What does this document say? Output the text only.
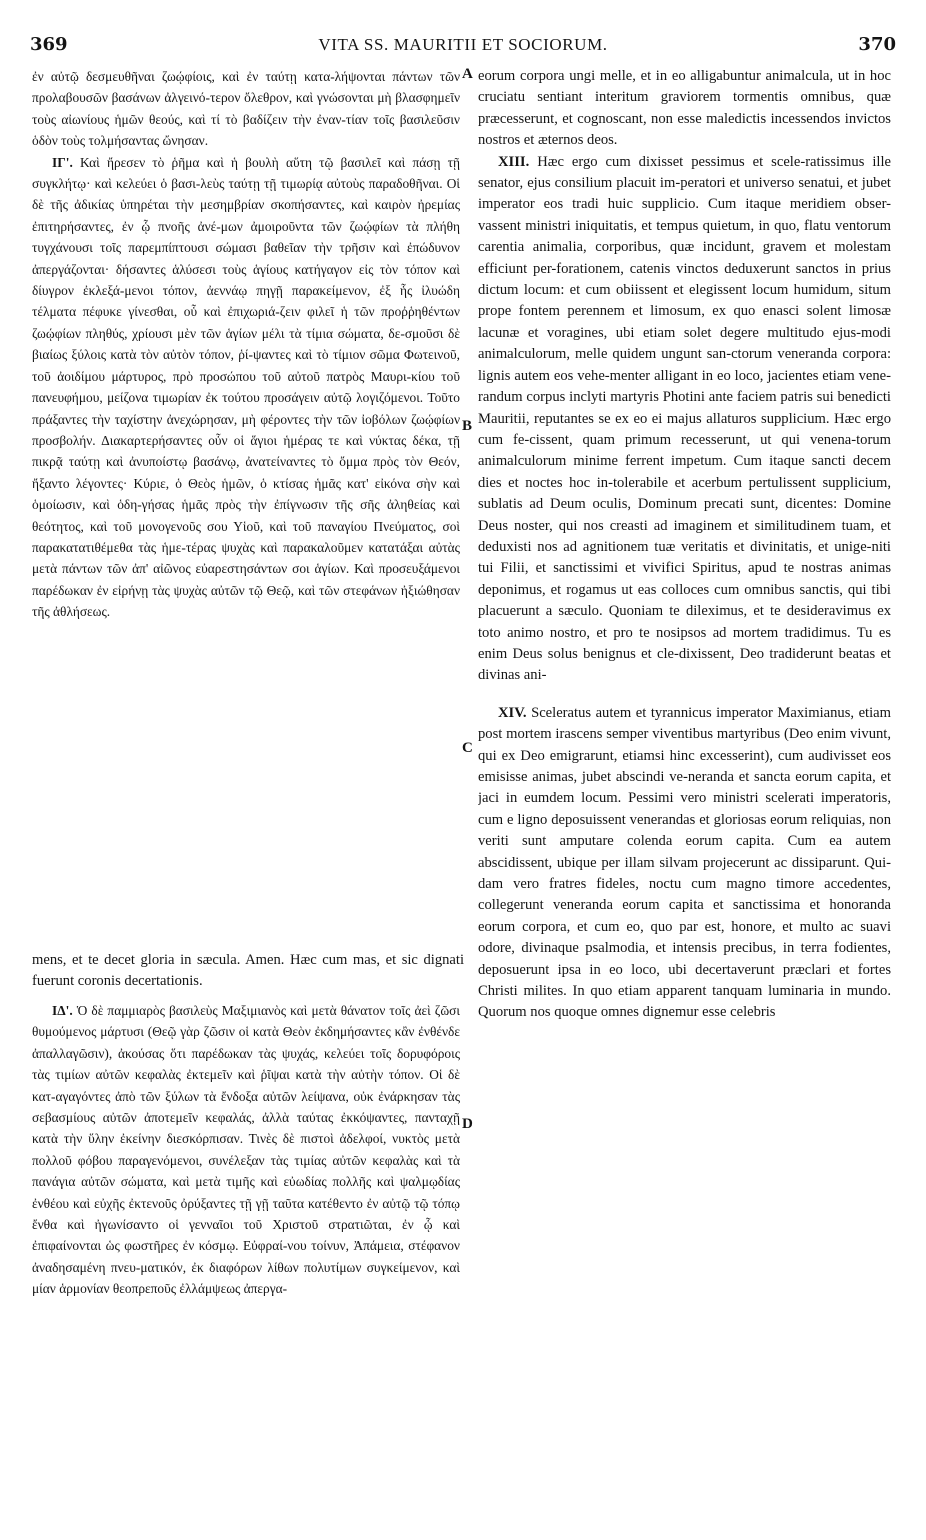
369	VITA SS. MAURITII ET SOCIORUM.	370

ἐν αὐτῷ δεσμευθῆναι ζωῴφίοις, καὶ ἐν ταύτῃ κατα-λήψονται πάντων τῶν προλαβουσῶν βασάνων ἀλγεινό-τερον ὄλεθρον, καὶ γνώσονται μὴ βλασφημεῖν τοὺς αἰωνίους ἡμῶν θεούς, καὶ τί τὸ βαδίζειν τὴν ἐναν-τίαν τοῖς βασιλεῦσιν ὁδὸν τοὺς τολμήσαντας ὤνησαν.

ΙΓ'. Καὶ ἤρεσεν τὸ ῥῆμα καὶ ἡ βουλὴ αὕτη τῷ βασιλεῖ καὶ πάσῃ τῇ συγκλήτῳ· καὶ κελεύει ὁ βασι-λεὺς ταύτῃ τῇ τιμωρίᾳ αὐτοὺς παραδοθῆναι. Οἱ δὲ τῆς ἀδικίας ὑπηρέται τὴν μεσημβρίαν σκοπήσαντες, καὶ καιρὸν ἠρεμίας ἐπιτηρήσαντες, ἐν ᾧ πνοῆς ἀνέ-μων ἀμοιροῦντα τῶν ζωῴφίων τὰ πλήθη τυγχάνουσι τοῖς παρεμπίπτουσι σώμασι βαθεῖαν τὴν τρῆσιν καὶ ἐπώδυνον ἀπεργάζονται· δήσαντες ἁλύσεσι τοὺς ἁγίους κατήγαγον εἰς τὸν τόπον καὶ δίυγρον ἐκλεξά-μενοι τόπον, ἀεννάῳ πηγῇ παρακείμενον, ἐξ ἧς ἰλυώδη τέλματα πέφυκε γίνεσθαι, οὗ καὶ ἐπιχωριά-ζειν φιλεῖ ἡ τῶν προῤῥηθέντων ζωῴφίων πληθύς, χρίουσι μὲν τῶν ἁγίων μέλι τὰ τίμια σώματα, δε-σμοῦσι δὲ βιαίως ξύλοις κατὰ τὸν αὐτὸν τόπον, ῥί-ψαντες καὶ τὸ τίμιον σῶμα Φωτεινοῦ, τοῦ ἀοιδίμου μάρτυρος, πρὸ προσώπου τοῦ αὐτοῦ πατρὸς Μαυρι-κίου τοῦ πανευφήμου, μείζονα τιμωρίαν ἐκ τούτου προσάγειν αὐτῷ λογιζόμενοι. Τοῦτο πράξαντες τὴν ταχίστην ἀνεχώρησαν, μὴ φέροντες τὴν τῶν ἰοβόλων ζωῴφίων προσβολήν. Διακαρτερήσαντες οὖν οἱ ἅγιοι ἡμέρας τε καὶ νύκτας δέκα, τῇ πικρᾷ ταύτῃ καὶ ἀνυποίστῳ βασάνῳ, ἀνατείναντες τὸ ὄμμα πρὸς τὸν Θεόν, ἤξαντο λέγοντες· Κύριε, ὁ Θεὸς ἡμῶν, ὁ κτίσας ἡμᾶς κατ' εἰκόνα σὴν καὶ ὁμοίωσιν, καὶ ὁδη-γήσας ἡμᾶς πρὸς τὴν ἐπίγνωσιν τῆς σῆς ἀληθείας καὶ θεότητος, καὶ τοῦ μονογενοῦς σου Υἱοῦ, καὶ τοῦ παναγίου Πνεύματος, σοὶ παρακατατιθέμεθα τὰς ἡμε-τέρας ψυχὰς καὶ παρακαλοῦμεν κατατάξαι αὐτὰς μετὰ πάντων τῶν ἀπ' αἰῶνος εὐαρεστησάντων σοι ἁγίων. Καὶ προσευξάμενοι παρέδωκαν ἐν εἰρήνῃ τὰς ψυχὰς αὐτῶν τῷ Θεῷ, καὶ τῶν στεφάνων ἠξιώθησαν τῆς ἀθλήσεως.

mens, et te decet gloria in sæcula. Amen. Hæc cum mas, et sic dignati fuerunt coronis decertationis.

ΙΔ'. Ὁ δὲ παμμιαρὸς βασιλεὺς Μαξιμιανὸς καὶ μετὰ θάνατον τοῖς ἀεὶ ζῶσι θυμούμενος μάρτυσι (Θεῷ γὰρ ζῶσιν οἱ κατὰ Θεὸν ἐκδημήσαντες κἂν ἐνθένδε ἀπαλλαγῶσιν), ἀκούσας ὅτι παρέδωκαν τὰς ψυχάς, κελεύει τοῖς δορυφόροις τὰς τιμίων αὐτῶν κεφαλὰς ἐκτεμεῖν καὶ ῥῖψαι κατὰ τὴν αὐτὴν τόπον. Οἱ δὲ κατ-αγαγόντες ἀπὸ τῶν ξύλων τὰ ἔνδοξα αὐτῶν λείψανα, οὐκ ἐνάρκησαν τὰς σεβασμίους αὐτῶν ἀποτεμεῖν κεφαλάς, ἀλλὰ ταύτας ἐκκόψαντες, πανταχῇ κατὰ τὴν ὕλην ἐκείνην διεσκόρπισαν. Τινὲς δὲ πιστοὶ ἀδελφοί, νυκτὸς μετὰ πολλοῦ φόβου παραγενόμενοι, συνέλεξαν τὰς τιμίας αὐτῶν κεφαλὰς καὶ τὰ πανάγια αὐτῶν σώματα, καὶ μετὰ τιμῆς καὶ εὐωδίας πολλῆς καὶ ψαλμῳδίας ἐνθέου καὶ εὐχῆς ἐκτενοῦς ὀρύξαντες τῇ γῇ ταῦτα κατέθεντο ἐν αὐτῷ τῷ τόπῳ ἔνθα καὶ ἠγωνίσαντο οἱ γενναῖοι τοῦ Χριστοῦ στρατιῶται, ἐν ᾧ καὶ ἐπιφαίνονται ὡς φωστῆρες ἐν κόσμῳ. Εὐφραί-νου τοίνυν, Ἀπάμεια, στέφανον ἀναδησαμένη πνευ-ματικόν, ἐκ διαφόρων λίθων πολυτίμων συγκείμενον, καὶ μίαν ἁρμονίαν θεοπρεποῦς ἐλλάμψεως ἀπεργα-

eorum corpora ungi melle, et in eo alligabuntur animalcula, ut in hoc cruciatu sentiant interitum graviorem tormentis omnibus, quæ præcesserunt, et cognoscant, non esse maledictis incessendos invictos nostros et æternos deos.

XIII. Hæc ergo cum dixisset pessimus et scele-ratissimus ille senator, ejus consilium placuit im-peratori et universo senatui, et jubet imperator eos tradi huic supplicio. Cum itaque meridiem obser-vassent ministri iniquitatis, et tempus quietum, in quo, flatu ventorum carentia animalia, corporibus, quæ incidunt, gravem et molestam efficiunt per-forationem, catenis vinctos deduxerunt sanctos in prius dictum locum: et cum obiissent et elegissent locum humidum, situm prope fontem perennem et limosum, ex quo enasci solent limosæ lacunæ et voragines, ubi etiam solet degere multitudo ejus-modi animalculorum, melle quidem ungunt san-ctorum veneranda corpora: lignis autem eos vehe-menter alligant in eo loco, jacientes etiam vene-randum corpus inclyti martyris Photini ante faciem patris sui benedicti Mauritii, reputantes se ex eo ei majus allaturos supplicium. Hæc ergo cum fe-cissent, quam primum recesserunt, ut qui venena-torum animalculorum minime ferrent impetum. Cum itaque sancti decem dies et noctes hoc in-tolerabile et acerbum pertulissent supplicium, sublatis ad Deum oculis, Dominum precati sunt, dicentes: Domine Deus noster, qui nos creasti ad imaginem et similitudinem tuam, et deduxisti nos ad agnitionem tuæ veritatis et divinitatis, et unige-niti tui Filii, et sanctissimi et vivifici Spiritus, apud te nostras animas deponimus, et rogamus ut eas colloces cum omnibus sanctis, qui tibi placuerunt a sæculo. Quoniam te dileximus, et te desideravimus ex toto animo nostro, et pro te nosipsos ad mortem tradidimus. Tu es enim Deus solus benignus et cle-dixissent, Deo tradiderunt beatas et divinas ani-

XIV. Sceleratus autem et tyrannicus imperator Maximianus, etiam post mortem irascens semper viventibus martyribus (Deo enim vivunt, qui ex Deo emigrarunt, etiamsi hinc excesserint), cum audivisset eos emisisse animas, jubet abscindi ve-neranda et sancta eorum capita, et jaci in eumdem locum. Pessimi vero ministri scelerati imperatoris, cum e ligno deposuissent venerandas et gloriosas eorum reliquias, non veriti sunt amputare colenda eorum capita. Cum ea autem abscidissent, ubique per illam silvam projecerunt ac dissiparunt. Qui-dam vero fratres fideles, noctu cum magno timore accedentes, collegerunt veneranda eorum capita et sanctissima et honoranda eorum corpora, et cum eo, quo par est, honore, et multo ac suavi odore, divinaque psalmodia, et intensis precibus, in terra fodientes, deposuerunt ipsa in eo loco, ubi decertaverunt præclari et fortes Christi milites. In quo etiam apparent tanquam luminaria in mundo. Quorum nos quoque omnes dignemur esse celebris

A
B
C
D
